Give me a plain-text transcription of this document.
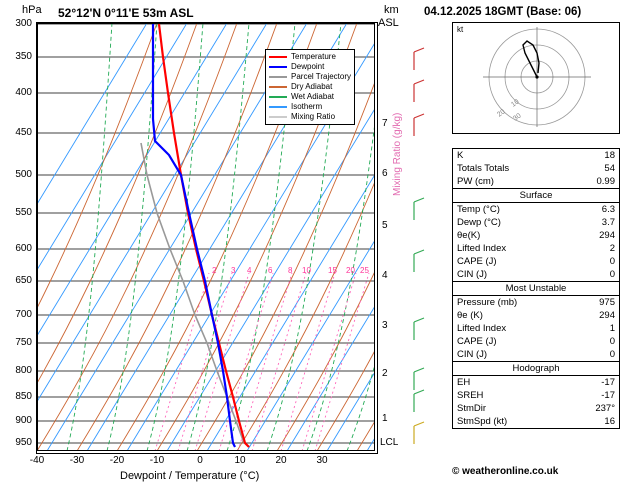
hPa 52°12'N 0°11'E 53m ASL	km
ASL
04.12.2025 18GMT (Base: 06)
Temperature
Dewpoint
Parcel Trajectory
Dry Adiabat
Wet Adiabat
Isotherm
Mixing Ratio
300
350
400
450
500
550
600
650
700
750
800
850
900
950
-40	-30	-20	-10	0	10	20	30
Dewpoint / Temperature (°C)
2 3 4 6 8 10 15 20 25
Mixing Ratio (g/kg)
7
6
5
4
3
2
1
LCL
kt
10
20 30
K	18
Totals Totals	54
PW (cm)	0.99
Surface
Temp (°C)	6.3
Dewp (°C)	3.7
θe(K)	294
Lifted Index	2
CAPE (J)	0
CIN (J)	0
Most Unstable
Pressure (mb)	975
θe (K)	294
Lifted Index	1
CAPE (J)	0
CIN (J)	0
Hodograph
EH	-17
SREH	-17
StmDir	237°
StmSpd (kt)	16
© weatheronline.co.uk
